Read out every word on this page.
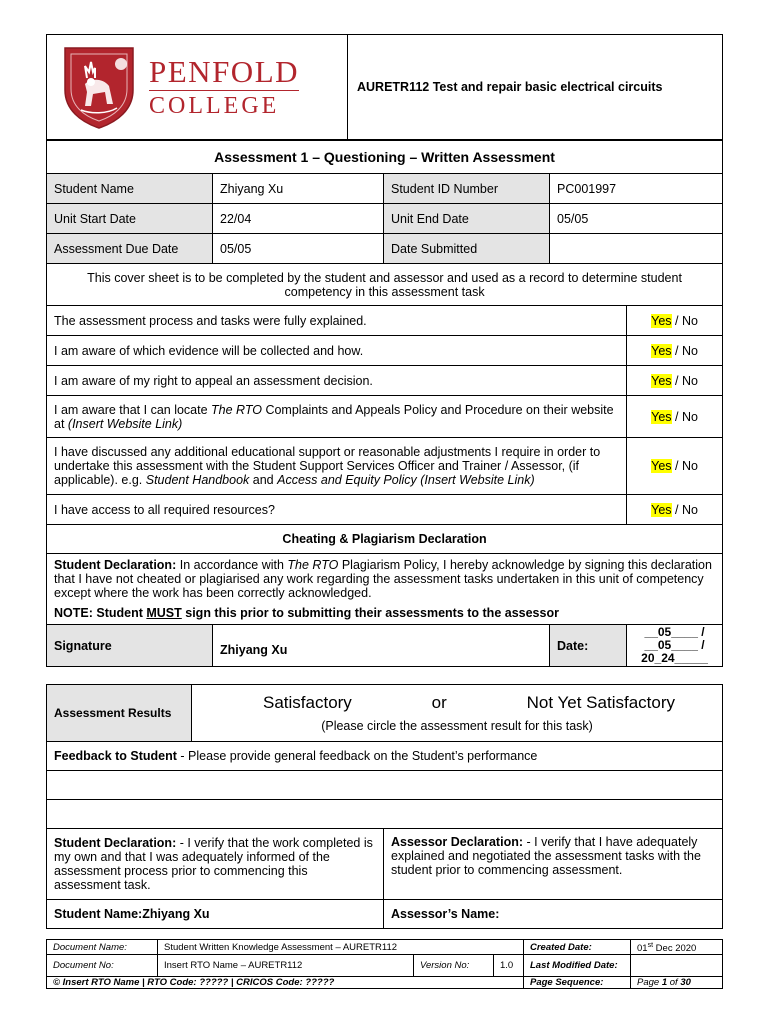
PENFOLD
COLLEGE
	AURETR112 Test and repair basic electrical circuits
Assessment 1 – Questioning – Written Assessment				
Student Name	Zhiyang Xu	Student ID Number	PC001997	
Unit Start Date	22/04	Unit End Date	05/05	
Assessment Due Date	05/05	Date Submitted		
This cover sheet is to be completed by the student and assessor and used as a record to determine student competency in this assessment task				
The assessment process and tasks were fully explained.				Yes / No
I am aware of which evidence will be collected and how.				Yes / No
I am aware of my right to appeal an assessment decision.				Yes / No
I am aware that I can locate The RTO Complaints and Appeals Policy and Procedure on their website at (Insert Website Link)				Yes / No
I have discussed any additional educational support or reasonable adjustments I require in order to undertake this assessment with the Student Support Services Officer and Trainer / Assessor, (if applicable). e.g. Student Handbook and Access and Equity Policy (Insert Website Link)				Yes / No
I have access to all required resources?				Yes / No
Cheating & Plagiarism Declaration				

Student Declaration: In accordance with The RTO Plagiarism Policy, I hereby acknowledge by signing this declaration that I have not cheated or plagiarised any work regarding the assessment tasks undertaken in this unit of competency except where the work has been correctly acknowledged.
NOTE: Student MUST sign this prior to submitting their assessments to the assessor				

Signature	Zhiyang Xu		Date:	__05____ / __05____ /
20_24_____
Assessment Results	Satisfactory or Not Yet Satisfactory
(Please circle the assessment result for this task)	

Feedback to Student - Please provide general feedback on the Student’s performance		

Student Declaration: - I verify that the work completed is my own and that I was adequately informed of the assessment process prior to commencing this assessment task.		Assessor Declaration: - I verify that I have adequately explained and negotiated the assessment tasks with the student prior to commencing assessment.
Student Name:Zhiyang Xu		Assessor’s Name:
Document Name:	Student Written Knowledge Assessment – AURETR112			Created Date:	01st Dec 2020
Document No:	Insert RTO Name – AURETR112	Version No:	1.0	Last Modified Date:	
© Insert RTO Name | RTO Code: ????? | CRICOS Code: ?????				Page Sequence:	Page 1 of 30
